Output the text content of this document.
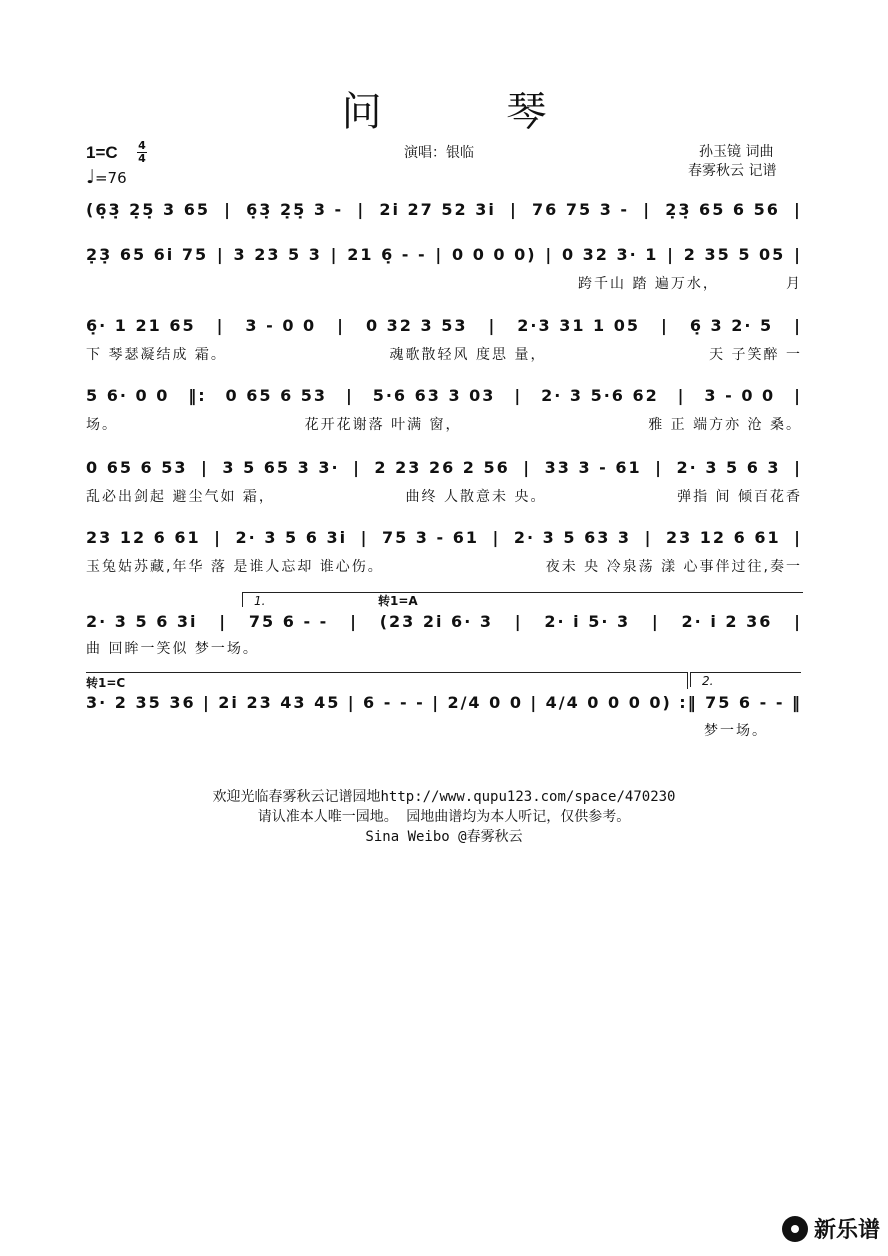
问 琴
1=C 4
4
♩=76
演唱：银临	孙玉镜 词曲
春雾秋云 记谱
(6̣3̣ 2̣5̣ 3 65 | 6̣3̣ 2̣5̣ 3 - | 2i 27 52 3i | 76 75 3 - | 2̣3̣ 65 6 56 |
2̣3̣ 65 6i 75 | 3 23 5 3 | 21 6̣ - - | 0 0 0 0) | 0 32 3· 1 | 2 35 5 05 |
跨千山 踏 遍万水，	月
6̣· 1 21 65 | 3 - 0 0 | 0 32 3 53 | 2·3 31 1 05 | 6̣ 3 2· 5 |
下 琴瑟凝结成 霜。	魂歌散轻风 度思 量，	天 子笑醉 一
5 6· 0 0 ‖: 0 65 6 53 | 5·6 63 3 03 | 2· 3 5·6 62 | 3 - 0 0 |
场。	花开花谢落 叶满 窗，	雅 正 端方亦 沧 桑。
0 65 6 53 | 3 5 65 3 3· | 2 23 26 2 56 | 33 3 - 61 | 2· 3 5 6 3 |
乱必出剑起 避尘气如 霜，	曲终 人散意未 央。	弹指 间 倾百花香
23 12 6 61 | 2· 3 5 6 3i | 75 3 - 61 | 2· 3 5 63 3 | 23 12 6 61 |
玉兔姑苏藏,年华 落 是谁人忘却 谁心伤。	夜未 央 冷泉荡 漾 心事伴过往,奏一
1.	转1=A
2· 3 5 6 3i | 75 6 - - | (23 2i 6· 3 | 2· i 5· 3 | 2· i 2 36 |
曲 回眸一笑似 梦一场。
转1=C	2.
3· 2 35 36 | 2i 23 43 45 | 6 - - - | 2/4 0 0 | 4/4 0 0 0 0) :‖ 75 6 - - ‖
梦一场。
欢迎光临春雾秋云记谱园地http://www.qupu123.com/space/470230
请认准本人唯一园地。 园地曲谱均为本人听记，仅供参考。
Sina Weibo @春雾秋云
新乐谱
